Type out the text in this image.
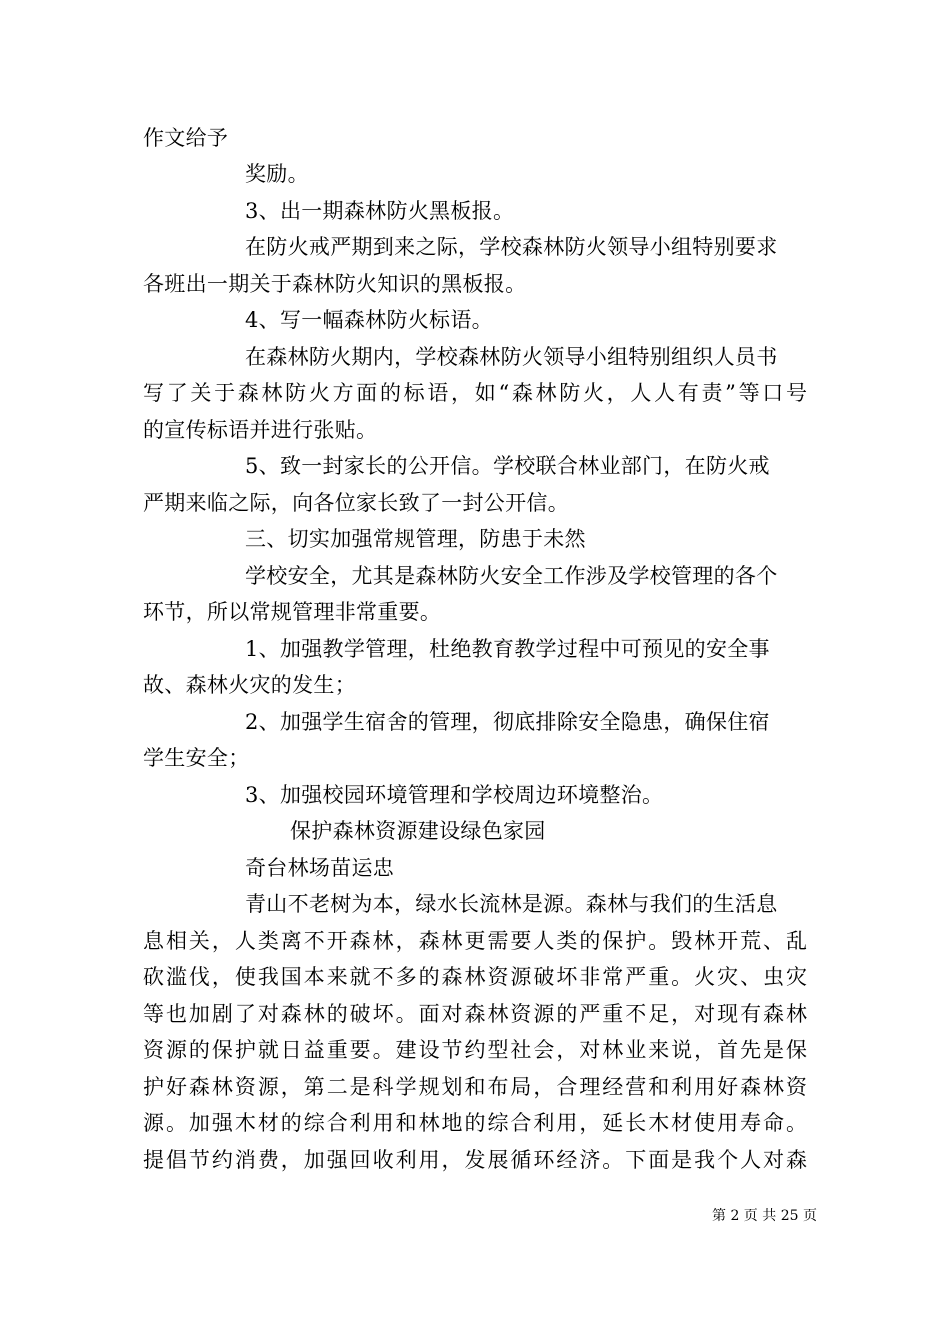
作文给予
奖励。
3、出一期森林防火黑板报。
在防火戒严期到来之际，学校森林防火领导小组特别要求
各班出一期关于森林防火知识的黑板报。
4、写一幅森林防火标语。
在森林防火期内，学校森林防火领导小组特别组织人员书
写了关于森林防火方面的标语，如“森林防火，人人有责”等口号
的宣传标语并进行张贴。
5、致一封家长的公开信。学校联合林业部门，在防火戒
严期来临之际，向各位家长致了一封公开信。
三、切实加强常规管理，防患于未然
学校安全，尤其是森林防火安全工作涉及学校管理的各个
环节，所以常规管理非常重要。
1、加强教学管理，杜绝教育教学过程中可预见的安全事
故、森林火灾的发生；
2、加强学生宿舍的管理，彻底排除安全隐患，确保住宿
学生安全；
3、加强校园环境管理和学校周边环境整治。
保护森林资源建设绿色家园
奇台林场苗运忠
青山不老树为本，绿水长流林是源。森林与我们的生活息
息相关，人类离不开森林，森林更需要人类的保护。毁林开荒、乱
砍滥伐，使我国本来就不多的森林资源破坏非常严重。火灾、虫灾
等也加剧了对森林的破坏。面对森林资源的严重不足，对现有森林
资源的保护就日益重要。建设节约型社会，对林业来说，首先是保
护好森林资源，第二是科学规划和布局，合理经营和利用好森林资
源。加强木材的综合利用和林地的综合利用，延长木材使用寿命。
提倡节约消费，加强回收利用，发展循环经济。下面是我个人对森
第 2 页 共 25 页
